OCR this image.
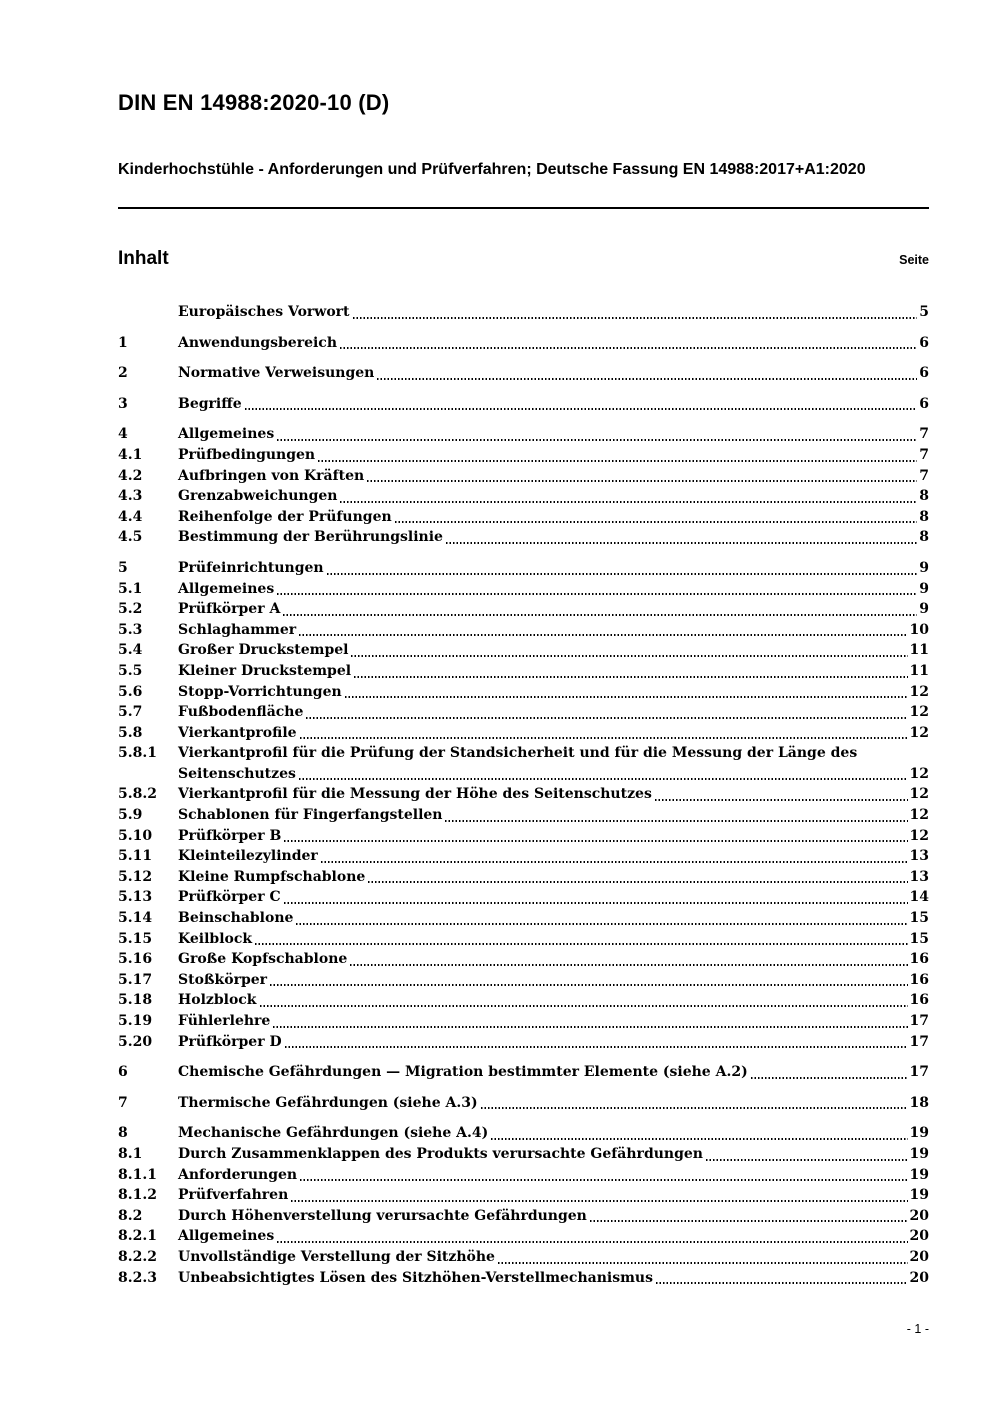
DIN EN 14988:2020-10 (D)
Kinderhochstühle - Anforderungen und Prüfverfahren; Deutsche Fassung EN 14988:2017+A1:2020
Inhalt	Seite
Europäisches Vorwort	5
1	Anwendungsbereich	6
2	Normative Verweisungen	6
3	Begriffe	6
4	Allgemeines	7
4.1	Prüfbedingungen	7
4.2	Aufbringen von Kräften	7
4.3	Grenzabweichungen	8
4.4	Reihenfolge der Prüfungen	8
4.5	Bestimmung der Berührungslinie	8
5	Prüfeinrichtungen	9
5.1	Allgemeines	9
5.2	Prüfkörper A	9
5.3	Schlaghammer	10
5.4	Großer Druckstempel	11
5.5	Kleiner Druckstempel	11
5.6	Stopp-Vorrichtungen	12
5.7	Fußbodenfläche	12
5.8	Vierkantprofile	12
5.8.1	Vierkantprofil für die Prüfung der Standsicherheit und für die Messung der Länge des
Seitenschutzes	12
5.8.2	Vierkantprofil für die Messung der Höhe des Seitenschutzes	12
5.9	Schablonen für Fingerfangstellen	12
5.10	Prüfkörper B	12
5.11	Kleinteilezylinder	13
5.12	Kleine Rumpfschablone	13
5.13	Prüfkörper C	14
5.14	Beinschablone	15
5.15	Keilblock	15
5.16	Große Kopfschablone	16
5.17	Stoßkörper	16
5.18	Holzblock	16
5.19	Fühlerlehre	17
5.20	Prüfkörper D	17
6	Chemische Gefährdungen — Migration bestimmter Elemente (siehe A.2)	17
7	Thermische Gefährdungen (siehe A.3)	18
8	Mechanische Gefährdungen (siehe A.4)	19
8.1	Durch Zusammenklappen des Produkts verursachte Gefährdungen	19
8.1.1	Anforderungen	19
8.1.2	Prüfverfahren	19
8.2	Durch Höhenverstellung verursachte Gefährdungen	20
8.2.1	Allgemeines	20
8.2.2	Unvollständige Verstellung der Sitzhöhe	20
8.2.3	Unbeabsichtigtes Lösen des Sitzhöhen-Verstellmechanismus	20
- 1 -
